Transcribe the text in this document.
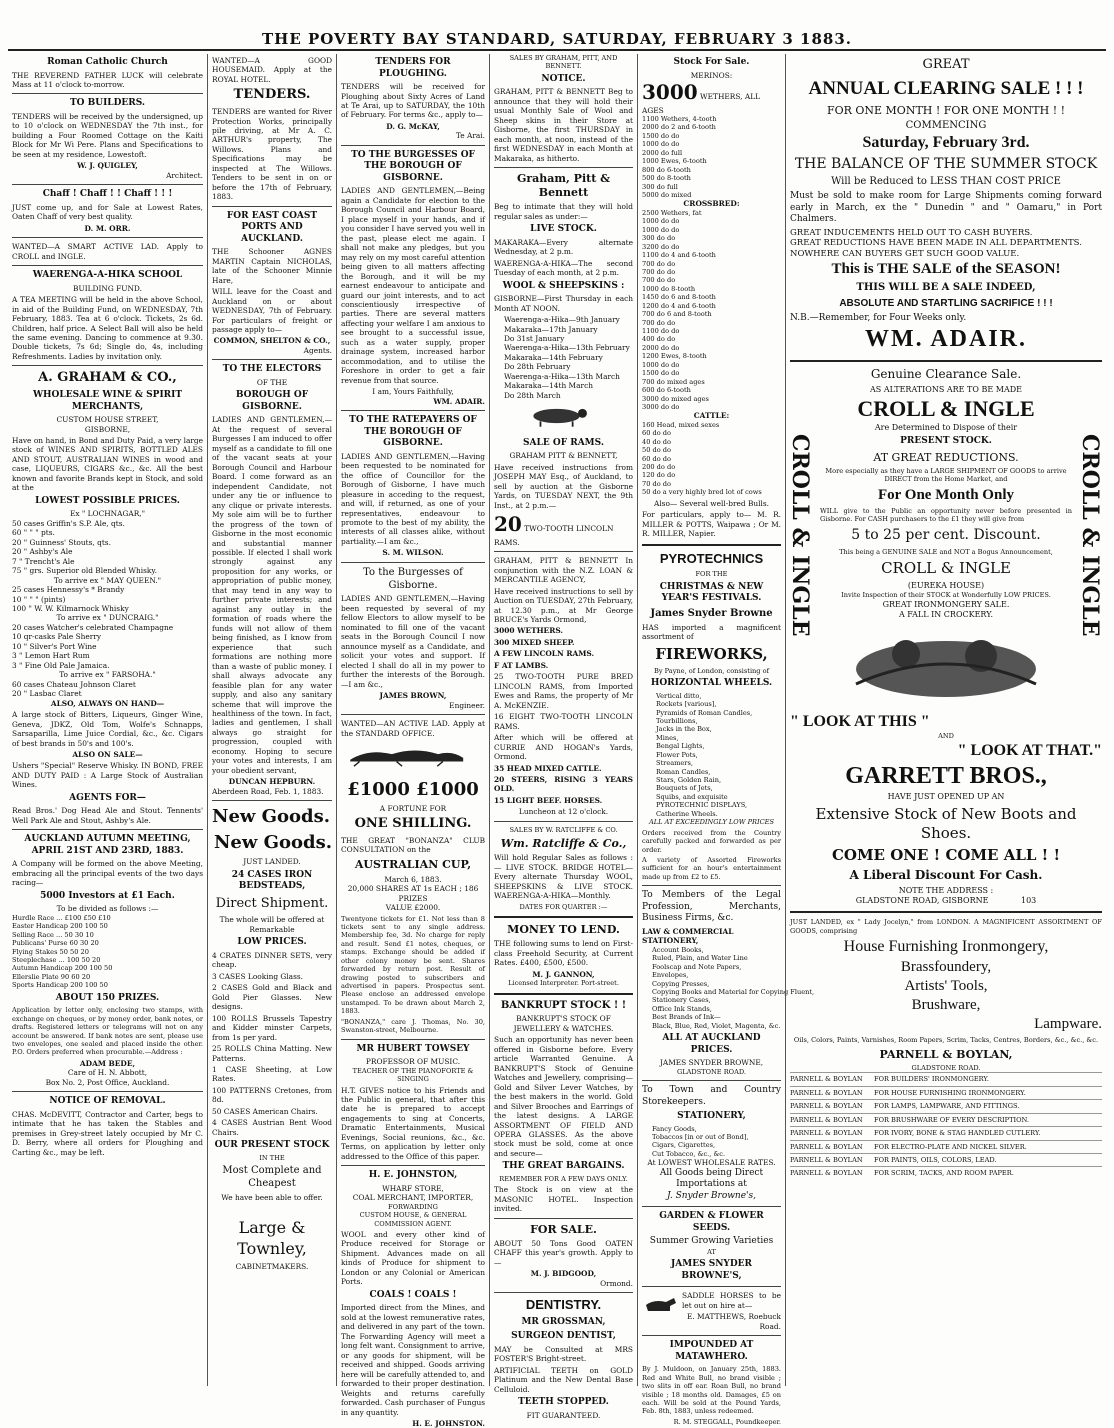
THE POVERTY BAY STANDARD, SATURDAY, FEBRUARY 3 1883.
Roman Catholic Church

THE REVEREND FATHER LUCK will celebrate Mass at 11 o'clock to-morrow.

TO BUILDERS.

TENDERS will be received by the undersigned, up to 10 o'clock on WEDNESDAY the 7th inst., for building a Four Roomed Cottage on the Kaiti Block for Mr Wi Pere. Plans and Specifications to be seen at my residence, Lowestoft.

W. J. QUIGLEY,
Architect.
Chaff ! Chaff ! ! Chaff ! ! !

JUST come up, and for Sale at Lowest Rates, Oaten Chaff of very best quality.

D. M. ORR.

WANTED—A SMART ACTIVE LAD. Apply to CROLL and INGLE.

WAERENGA-A-HIKA SCHOOL
BUILDING FUND.

A TEA MEETING will be held in the above School, in aid of the Building Fund, on WEDNESDAY, 7th February, 1883. Tea at 6 o'clock. Tickets, 2s 6d. Children, half price. A Select Ball will also be held the same evening. Dancing to commence at 9.30. Double tickets, 7s 6d; Single do, 4s, including Refreshments. Ladies by invitation only.

A. GRAHAM & CO.,
WHOLESALE WINE & SPIRIT MERCHANTS,
CUSTOM HOUSE STREET,
GISBORNE,

Have on hand, in Bond and Duty Paid, a very large stock of WINES AND SPIRITS, BOTTLED ALES AND STOUT, AUSTRALIAN WINES in wood and case, LIQUEURS, CIGARS &c., &c. All the best known and favorite Brands kept in Stock, and sold at the

LOWEST POSSIBLE PRICES.
Ex " LOCHNAGAR,"
50 cases Griffin's S.P. Ale, qts.
60 " " " pts.
20 " Guinness' Stouts, qts.
20 " Ashby's Ale
7 " Trencht's Ale
75 " grs. Superior old Blended Whisky.
To arrive ex " MAY QUEEN."
25 cases Hennessy's * Brandy
10 " " " (pints)
100 " W. W. Kilmarnock Whisky
To arrive ex " DUNCRAIG."
20 cases Watcher's celebrated Champagne
10 qr-casks Pale Sherry
10 " Silver's Port Wine
3 " Lemon Hart Rum
3 " Fine Old Pale Jamaica.
To arrive ex " FARSOHA."
60 cases Chateau Johnson Claret
20 " Lasbac Claret
ALSO, ALWAYS ON HAND—

A large stock of Bitters, Liqueurs, Ginger Wine, Geneva, JDKZ, Old Tom, Wolfe's Schnapps, Sarsaparilla, Lime Juice Cordial, &c., &c. Cigars of best brands in 50's and 100's.

ALSO ON SALE—

Ushers "Special" Reserve Whisky. IN BOND, FREE AND DUTY PAID : A Large Stock of Australian Wines.

AGENTS FOR—

Read Bros.' Dog Head Ale and Stout. Tennents' Well Park Ale and Stout, Ashby's Ale.

AUCKLAND AUTUMN MEETING, APRIL 21ST AND 23RD, 1883.

A Company will be formed on the above Meeting, embracing all the principal events of the two days racing—

5000 Investors at £1 Each.
To be divided as follows :—
Hurdle Race ... £100 £50 £10
Easter Handicap 200 100 50
Selling Race ... 50 30 10
Publicans' Purse 60 30 20
Flying Stakes 50 50 20
Steeplechase ... 100 50 20
Autumn Handicap 200 100 50
Ellerslie Plate 90 60 20
Sports Handicap 200 100 50
ABOUT 150 PRIZES.

Application by letter only, enclosing two stamps, with exchange on cheques, or by money order, bank notes, or drafts. Registered letters or telegrams will not on any account be answered. If bank notes are sent, please use two envelopes, one sealed and placed inside the other. P.O. Orders preferred when procurable.—Address :

ADAM BEDE,
Care of H. N. Abbott,
Box No. 2, Post Office, Auckland.
NOTICE OF REMOVAL.

CHAS. McDEVITT, Contractor and Carter, begs to intimate that he has taken the Stables and premises in Grey-street lately occupied by Mr C. D. Berry, where all orders for Ploughing and Carting &c., may be left.

WANTED—A GOOD HOUSEMAID. Apply at the ROYAL HOTEL.

TENDERS.

TENDERS are wanted for River Protection Works, principally pile driving, at Mr A. C. ARTHUR's property, The Willows. Plans and Specifications may be inspected at The Willows. Tenders to be sent in on or before the 17th of February, 1883.

FOR EAST COAST PORTS AND AUCKLAND.

THE Schooner AGNES MARTIN Captain NICHOLAS, late of the Schooner Minnie Hare,

WILL leave for the Coast and Auckland on or about WEDNESDAY, 7th of February. For particulars of freight or passage apply to—

COMMON, SHELTON & CO.,
Agents.
TO THE ELECTORS
OF THE
BOROUGH OF GISBORNE.

LADIES AND GENTLEMEN,—At the request of several Burgesses I am induced to offer myself as a candidate to fill one of the vacant seats at your Borough Council and Harbour Board. I come forward as an independent Candidate, not under any tie or influence to any clique or private interests. My sole aim will be to further the progress of the town of Gisborne in the most economic and substantial manner possible. If elected I shall work strongly against any proposition for any works, or appropriation of public money, that may tend in any way to further private interests; and against any outlay in the formation of roads where the funds will not allow of them being finished, as I know from experience that such formations are nothing more than a waste of public money. I shall always advocate any feasible plan for any water supply, and also any sanitary scheme that will improve the healthiness of the town. In fact, ladies and gentlemen, I shall always go straight for progression, coupled with economy. Hoping to secure your votes and interests, I am your obedient servant,

DUNCAN HEPBURN.
Aberdeen Road, Feb. 1, 1883.
New Goods.
New Goods.
JUST LANDED.
24 CASES IRON BEDSTEADS,
Direct Shipment.
The whole will be offered at Remarkable
LOW PRICES.

4 CRATES DINNER SETS, very cheap.

3 CASES Looking Glass.

2 CASES Gold and Black and Gold Pier Glasses. New designs.

100 ROLLS Brussels Tapestry and Kidder minster Carpets, from 1s per yard.

25 ROLLS China Matting. New Patterns.

1 CASE Sheeting, at Low Rates.

100 PATTERNS Cretones, from 8d.

50 CASES American Chairs.

4 CASES Austrian Bent Wood Chairs.

OUR PRESENT STOCK
IN THE
Most Complete and Cheapest
We have been able to offer.
Large & Townley,
CABINETMAKERS.
TENDERS FOR PLOUGHING.

TENDERS will be received for Ploughing about Sixty Acres of Land at Te Arai, up to SATURDAY, the 10th of February. For terms &c., apply to—

D. G. McKAY,
Te Arai.
TO THE BURGESSES OF THE BOROUGH OF GISBORNE.

LADIES AND GENTLEMEN,—Being again a Candidate for election to the Borough Council and Harbour Board, I place myself in your hands, and if you consider I have served you well in the past, please elect me again. I shall not make any pledges, but you may rely on my most careful attention being given to all matters affecting the Borough, and it will be my earnest endeavour to anticipate and guard our joint interests, and to act conscientiously irrespective of parties. There are several matters affecting your welfare I am anxious to see brought to a successful issue, such as a water supply, proper drainage system, increased harbor accommodation, and to utilise the Foreshore in order to get a fair revenue from that source.

I am, Yours Faithfully,
WM. ADAIR.
TO THE RATEPAYERS OF THE BOROUGH OF GISBORNE.

LADIES AND GENTLEMEN,—Having been requested to be nominated for the office of Councillor for the Borough of Gisborne, I have much pleasure in acceding to the request, and will, if returned, as one of your representatives, endeavour to promote to the best of my ability, the interests of all classes alike, without partiality.—I am &c.,

S. M. WILSON.
To the Burgesses of Gisborne.

LADIES AND GENTLEMEN,—Having been requested by several of my fellow Electors to allow myself to be nominated to fill one of the vacant seats in the Borough Council I now announce myself as a Candidate, and solicit your votes and support. If elected I shall do all in my power to further the interests of the Borough.—I am &c.,

JAMES BROWN,
Engineer.

WANTED—AN ACTIVE LAD. Apply at the STANDARD OFFICE.

£1000 £1000
A FORTUNE FOR
ONE SHILLING.

THE GREAT "BONANZA" CLUB CONSULTATION on the

AUSTRALIAN CUP,
March 6, 1883.
20,000 SHARES AT 1s EACH ; 186 PRIZES
VALUE £2000.

Twentyone tickets for £1. Not less than 8 tickets sent to any single address. Membership fee, 3d. No charge for reply and result. Send £1 notes, cheques, or stamps. Exchange should be added if other colony money be sent. Shares forwarded by return post. Result of drawing posted to subscribers and advertised in papers. Prospectus sent. Please enclose an addressed envelope unstamped. To be drawn about March 2, 1883.

"BONANZA," care J. Thomas, No. 30, Swanston-street, Melbourne.

MR HUBERT TOWSEY
PROFESSOR OF MUSIC.
TEACHER OF THE PIANOFORTE & SINGING

H.T. GIVES notice to his Friends and the Public in general, that after this date he is prepared to accept engagements to sing at Concerts, Dramatic Entertainments, Musical Evenings, Social reunions, &c., &c. Terms, on application by letter only addressed to the Office of this paper.

H. E. JOHNSTON,
WHARF STORE,
COAL MERCHANT, IMPORTER,
FORWARDING
CUSTOM HOUSE, & GENERAL COMMISSION AGENT.

WOOL and every other kind of Produce received for Storage or Shipment. Advances made on all kinds of Produce for shipment to London or any Colonial or American Ports.

COALS ! COALS !

Imported direct from the Mines, and sold at the lowest remunerative rates, and delivered in any part of the town. The Forwarding Agency will meet a long felt want. Consignment to arrive, or any goods for shipment, will be received and shipped. Goods arriving here will be carefully attended to, and forwarded to their proper destination. Weights and returns carefully forwarded. Cash purchaser of Fungus in any quantity.

H. E. JOHNSTON.
SALES BY GRAHAM, PITT, AND BENNETT.
NOTICE.

GRAHAM, PITT & BENNETT Beg to announce that they will hold their usual Monthly Sale of Wool and Sheep skins in their Store at Gisborne, the first THURSDAY in each month, at noon, instead of the first WEDNESDAY in each Month at Makaraka, as hitherto.

Graham, Pitt & Bennett

Beg to intimate that they will hold regular sales as under:—

LIVE STOCK.

MAKARAKA—Every alternate Wednesday, at 2 p.m.

WAERENGA-A-HIKA—The second Tuesday of each month, at 2 p.m.

WOOL & SHEEPSKINS :

GISBORNE—First Thursday in each Month AT NOON.

Waerenga-a-Hika—9th January
Makaraka—17th January
Do 31st January
Waerenga-a-Hika—13th February
Makaraka—14th February
Do 28th February
Waerenga-a-Hika—13th March
Makaraka—14th March
Do 28th March
SALE OF RAMS.
GRAHAM PITT & BENNETT,

Have received instructions from JOSEPH MAY Esq., of Auckland, to sell by auction at the Gisborne Yards, on TUESDAY NEXT, the 9th Inst., at 2 p.m.—

20 TWO-TOOTH LINCOLN RAMS.

GRAHAM, PITT & BENNETT In conjunction with the N.Z. LOAN & MERCANTILE AGENCY,

Have received instructions to sell by Auction on TUESDAY, 27th February, at 12.30 p.m., at Mr George BRUCE's Yards Ormond,

3000 WETHERS.

300 MIXED SHEEP.

A FEW LINCOLN RAMS.

F AT LAMBS.

25 TWO-TOOTH PURE BRED LINCOLN RAMS, from Imported Ewes and Rams, the property of Mr A. McKENZIE.

16 EIGHT TWO-TOOTH LINCOLN RAMS.

After which will be offered at CURRIE AND HOGAN's Yards, Ormond.

35 HEAD MIXED CATTLE.

20 STEERS, RISING 3 YEARS OLD.

15 LIGHT BEEF. HORSES.

Luncheon at 12 o'clock.
SALES BY W. RATCLIFFE & CO.
Wm. Ratcliffe & Co.,

Will hold Regular Sales as follows :— LIVE STOCK. BRIDGE HOTEL—Every alternate Thursday WOOL, SHEEPSKINS & LIVE STOCK. WAERENGA-A-HIKA—Monthly.

DATES FOR QUARTER :—
MONEY TO LEND.

THE following sums to lend on First-class Freehold Security, at Current Rates. £400, £500, £500.

M. J. GANNON,
Licensed Interpreter. Port-street.
BANKRUPT STOCK ! !
BANKRUPT'S STOCK OF JEWELLERY & WATCHES.

Such an opportunity has never been offered in Gisborne before. Every article Warranted Genuine. A BANKRUPT'S Stock of Genuine Watches and Jewellery, comprising—Gold and Silver Lever Watches, by the best makers in the world. Gold and Silver Brooches and Earrings of the latest designs. A LARGE ASSORTMENT OF FIELD AND OPERA GLASSES. As the above stock must be sold, come at once and secure—

THE GREAT BARGAINS.
REMEMBER FOR A FEW DAYS ONLY.

The Stock is on view at the MASONIC HOTEL. Inspection invited.

FOR SALE.

ABOUT 50 Tons Good OATEN CHAFF this year's growth. Apply to—

M. J. BIDGOOD,
Ormond.
DENTISTRY.
MR GROSSMAN,
SURGEON DENTIST,

MAY be Consulted at MRS FOSTER'S Bright-street.

ARTIFICIAL TEETH on GOLD Platinum and the New Dental Base Celluloid.

TEETH STOPPED.
FIT GUARANTEED.
Stock For Sale.
MERINOS:
3000 WETHERS, ALL AGES
1100 Wethers, 4-tooth
2000 do 2 and 6-tooth
1500 do do
1000 do do
2000 do full
1000 Ewes, 6-tooth
800 do 6-tooth
500 do 8-tooth
300 do full
5000 do mixed
CROSSBRED:
2500 Wethers, fat
1000 do do
1000 do do
300 do do
3200 do do
1100 do 4 and 6-tooth
700 do do
700 do do
700 do do
1000 do 8-tooth
1450 do 6 and 8-tooth
1200 do 4 and 6-tooth
700 do 6 and 8-tooth
700 do do
1100 do do
400 do do
2000 do do
1200 Ewes, 8-tooth
1000 do do
1500 do do
700 do mixed ages
600 do 6-tooth
3000 do mixed ages
3000 do do
CATTLE:
160 Head, mixed sexes
60 do do
40 do do
50 do do
60 do do
200 do do
120 do do
70 do do
50 do a very highly bred lot of cows

Also— Several well-bred Bulls.

For particulars, apply to— M. R. MILLER & POTTS, Waipawa ; Or M. R. MILLER, Napier.

PYROTECHNICS
FOR THE
CHRISTMAS & NEW YEAR'S FESTIVALS.
James Snyder Browne

HAS imported a magnificent assortment of

FIREWORKS,
By Payne, of London, consisting of
HORIZONTAL WHEELS.
Vertical ditto,
Rockets [various],
Pyramids of Roman Candles,
Tourbillions,
Jacks in the Box,
Mines,
Bengal Lights,
Flower Pots,
Streamers,
Roman Candles,
Stars, Golden Rain,
Bouquets of Jets,
Squibs, and exquisite
PYROTECHNIC DISPLAYS,
Catherine Wheels.
ALL AT EXCEEDINGLY LOW PRICES

Orders received from the Country carefully packed and forwarded as per order.

A variety of Assorted Fireworks sufficient for an hour's entertainment made up from £2 to £5.

To Members of the Legal Profession, Merchants, Business Firms, &c.

LAW & COMMERCIAL STATIONERY,
Account Books,
Ruled, Plain, and Water Line
Foolscap and Note Papers,
Envelopes,
Copying Presses,
Copying Books and Material for Copying Fluent,
Stationery Cases,
Office Ink Stands,
Best Brands of Ink—
Black, Blue, Red, Violet, Magenta, &c.
ALL AT AUCKLAND PRICES.
JAMES SNYDER BROWNE,
GLADSTONE ROAD.

To Town and Country Storekeepers.

STATIONERY,
Fancy Goods,
Tobaccos [in or out of Bond],
Cigars, Cigarettes,
Cut Tobacco, &c., &c.
At LOWEST WHOLESALE RATES.
All Goods being Direct Importations at
J. Snyder Browne's,
GARDEN & FLOWER SEEDS.
Summer Growing Varieties
AT
JAMES SNYDER BROWNE'S,

SADDLE HORSES to be let out on hire at—

E. MATTHEWS, Roebuck Road.
IMPOUNDED AT MATAWHERO.

By J. Muldoon, on January 25th, 1883. Red and White Bull, no brand visible ; two slits in off ear. Roan Bull, no brand visible ; 18 months old. Damages, £5 on each. Will be sold at the Pound Yards, Feb. 8th, 1883, unless redeemed.

R. M. STEGGALL, Poundkeeper.
GREAT
ANNUAL CLEARING SALE ! ! !
FOR ONE MONTH ! FOR ONE MONTH ! !
COMMENCING
Saturday, February 3rd.
THE BALANCE OF THE SUMMER STOCK
Will be Reduced to LESS THAN COST PRICE

Must be sold to make room for Large Shipments coming forward early in March, ex the " Dunedin " and " Oamaru," in Port Chalmers.

GREAT INDUCEMENTS HELD OUT TO CASH BUYERS.
GREAT REDUCTIONS HAVE BEEN MADE IN ALL DEPARTMENTS.
NOWHERE CAN BUYERS GET SUCH GOOD VALUE.
This is THE SALE of the SEASON!
THIS WILL BE A SALE INDEED,
ABSOLUTE AND STARTLING SACRIFICE ! ! !
N.B.—Remember, for Four Weeks only.
WM. ADAIR.
CROLL & INGLE	CROLL & INGLE
Genuine Clearance Sale.
AS ALTERATIONS ARE TO BE MADE
CROLL & INGLE
Are Determined to Dispose of their
PRESENT STOCK.
AT GREAT REDUCTIONS.

More especially as they have a LARGE SHIPMENT OF GOODS to arrive DIRECT from the Home Market, and

For One Month Only

WILL give to the Public an opportunity never before presented in Gisborne. For CASH purchasers to the £1 they will give from

5 to 25 per cent. Discount.
This being a GENUINE SALE and NOT a Bogus Announcement,
CROLL & INGLE
(EUREKA HOUSE)
Invite Inspection of their STOCK at Wonderfully LOW PRICES.
GREAT IRONMONGERY SALE.
A FALL IN CROCKERY.
" LOOK AT THIS "
AND
" LOOK AT THAT."
GARRETT BROS.,
HAVE JUST OPENED UP AN
Extensive Stock of New Boots and Shoes.
COME ONE ! COME ALL ! !
A Liberal Discount For Cash.
NOTE THE ADDRESS :
GLADSTONE ROAD, GISBORNE	103

JUST LANDED, ex " Lady Jocelyn," from LONDON. A MAGNIFICENT ASSORTMENT OF GOODS, comprising

House Furnishing Ironmongery,
Brassfoundery,
Artists' Tools,
Brushware,
Lampware.

Oils, Colors, Paints, Varnishes, Room Papers, Scrim, Tacks, Centres, Borders, &c., &c., &c.

PARNELL & BOYLAN,
GLADSTONE ROAD.
PARNELL & BOYLAN	FOR BUILDERS' IRONMONGERY.
PARNELL & BOYLAN	FOR HOUSE FURNISHING IRONMONGERY.
PARNELL & BOYLAN	FOR LAMPS, LAMPWARE, AND FITTINGS.
PARNELL & BOYLAN	FOR BRUSHWARE OF EVERY DESCRIPTION.
PARNELL & BOYLAN	FOR IVORY, BONE & STAG HANDLED CUTLERY.
PARNELL & BOYLAN	FOR ELECTRO-PLATE AND NICKEL SILVER.
PARNELL & BOYLAN	FOR PAINTS, OILS, COLORS, LEAD.
PARNELL & BOYLAN	FOR SCRIM, TACKS, AND ROOM PAPER.
